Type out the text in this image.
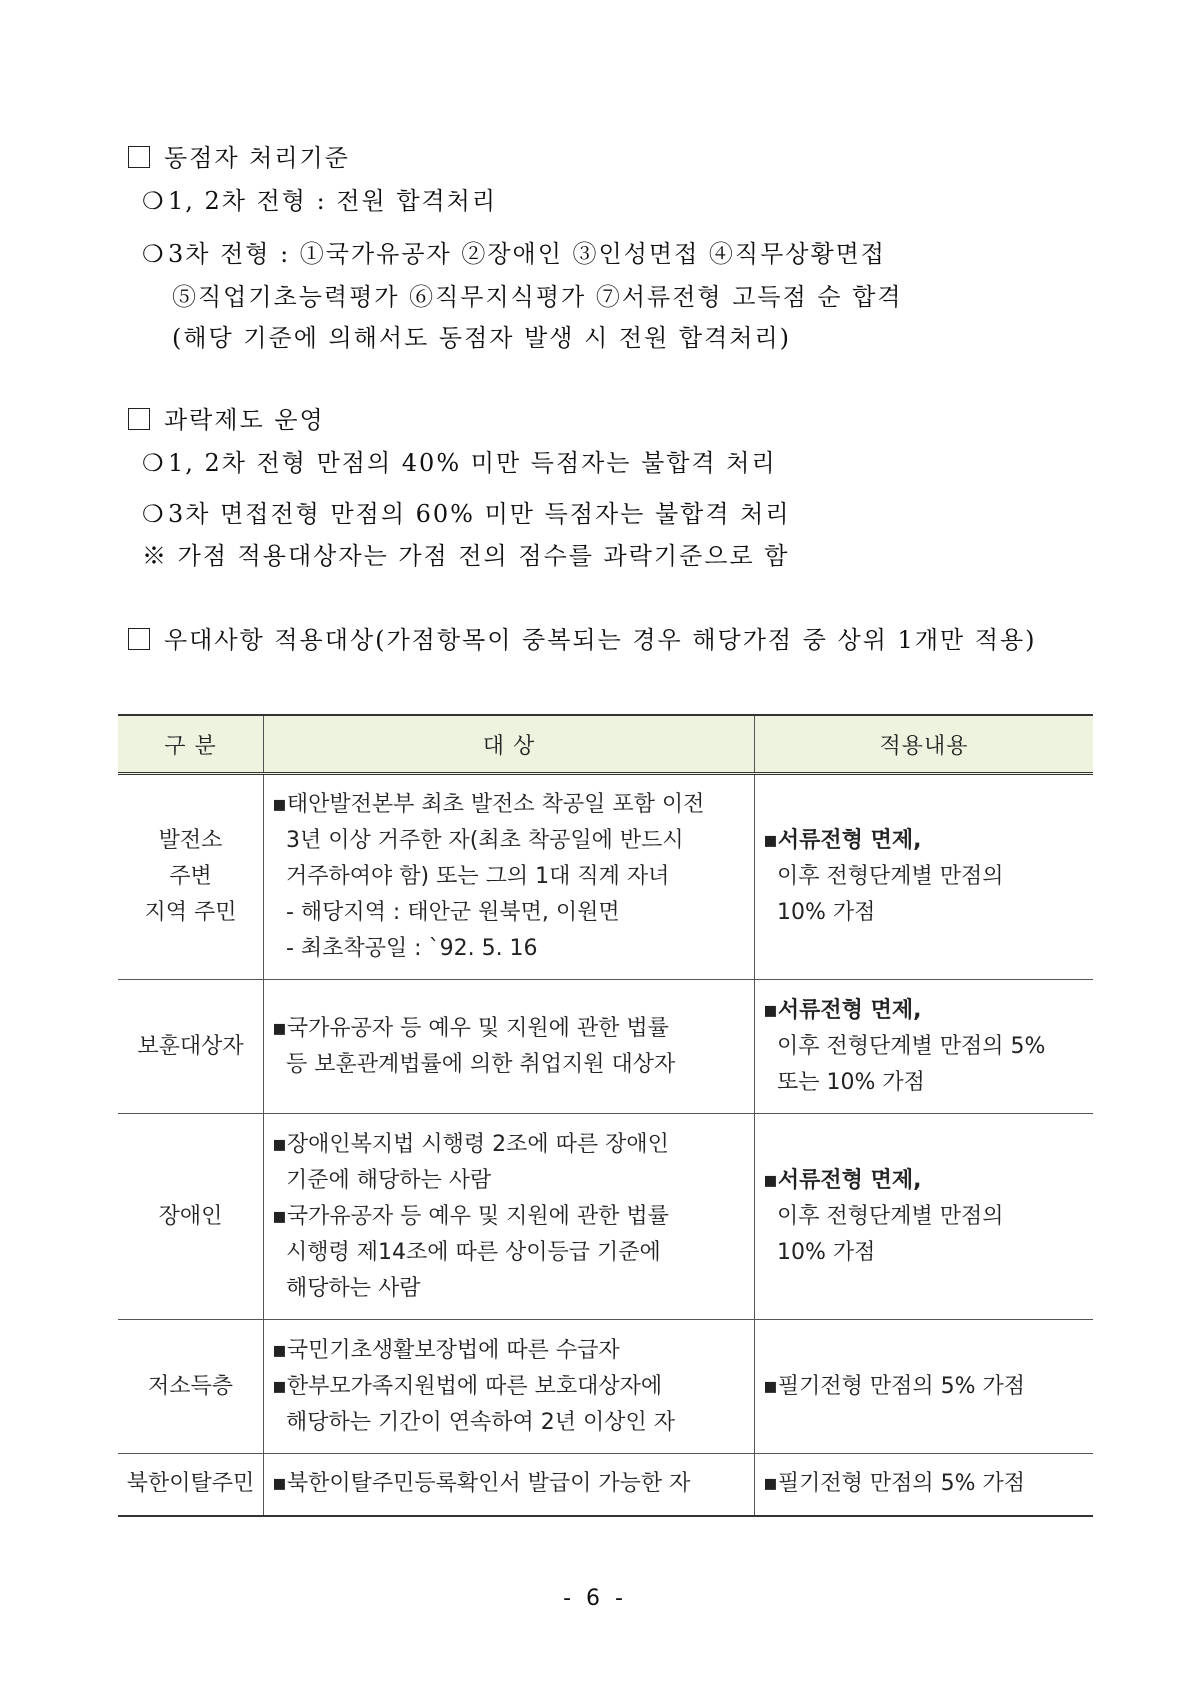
동점자 처리기준
❍ 1, 2차 전형 : 전원 합격처리
❍ 3차 전형 : ①국가유공자 ②장애인 ③인성면접 ④직무상황면접
⑤직업기초능력평가 ⑥직무지식평가 ⑦서류전형 고득점 순 합격
(해당 기준에 의해서도 동점자 발생 시 전원 합격처리)
과락제도 운영
❍ 1, 2차 전형 만점의 40% 미만 득점자는 불합격 처리
❍ 3차 면접전형 만점의 60% 미만 득점자는 불합격 처리
※ 가점 적용대상자는 가점 전의 점수를 과락기준으로 함
우대사항 적용대상(가점항목이 중복되는 경우 해당가점 중 상위 1개만 적용)
구 분	대 상	적용내용
발전소
주변
지역 주민	▪태안발전본부 최초 발전소 착공일 포함 이전
3년 이상 거주한 자(최초 착공일에 반드시
거주하여야 함) 또는 그의 1대 직계 자녀
- 해당지역 : 태안군 원북면, 이원면
- 최초착공일 : `92. 5. 16	▪서류전형 면제,
이후 전형단계별 만점의
10% 가점

보훈대상자	▪국가유공자 등 예우 및 지원에 관한 법률
등 보훈관계법률에 의한 취업지원 대상자	▪서류전형 면제,
이후 전형단계별 만점의 5%
또는 10% 가점

장애인	▪장애인복지법 시행령 2조에 따른 장애인
기준에 해당하는 사람
▪국가유공자 등 예우 및 지원에 관한 법률
시행령 제14조에 따른 상이등급 기준에
해당하는 사람	▪서류전형 면제,
이후 전형단계별 만점의
10% 가점

저소득층	▪국민기초생활보장법에 따른 수급자
▪한부모가족지원법에 따른 보호대상자에
해당하는 기간이 연속하여 2년 이상인 자	▪필기전형 만점의 5% 가점
북한이탈주민	▪북한이탈주민등록확인서 발급이 가능한 자	▪필기전형 만점의 5% 가점
- 6 -
